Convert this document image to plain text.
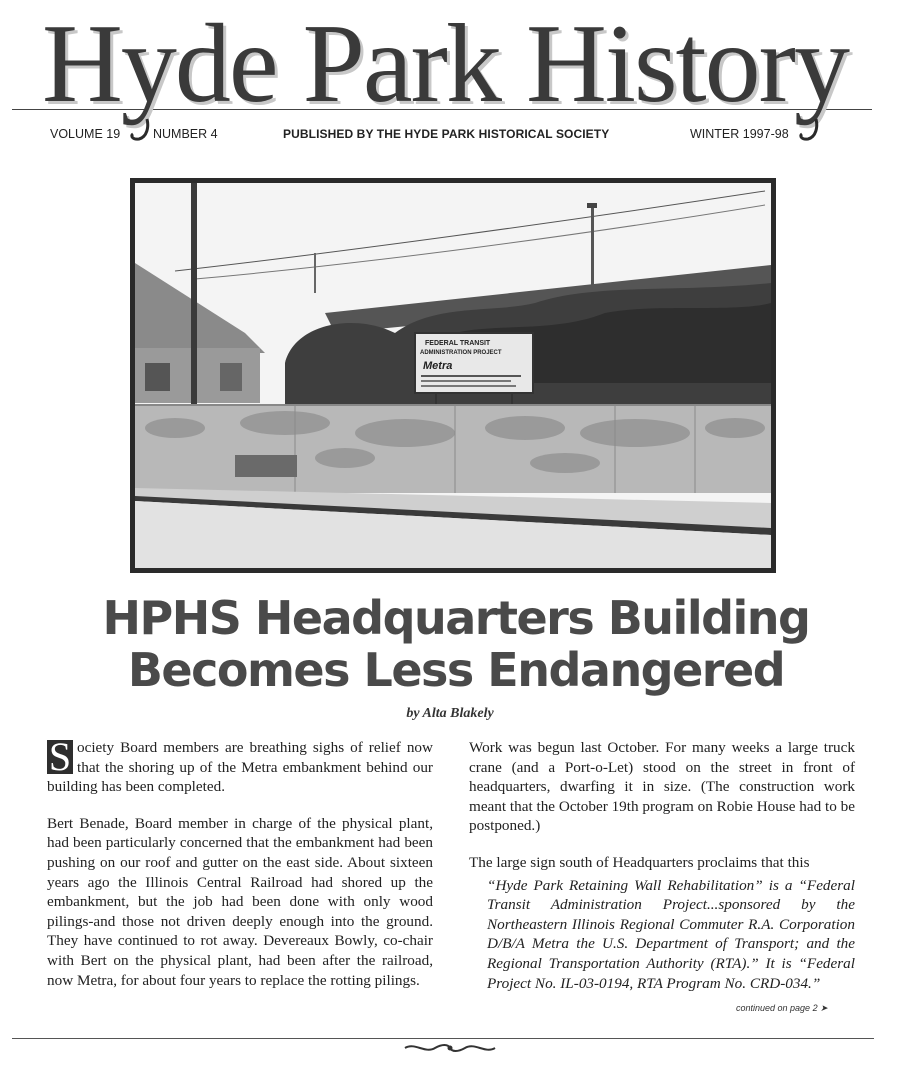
Hyde Park History
VOLUME 19	NUMBER 4	PUBLISHED BY THE HYDE PARK HISTORICAL SOCIETY	WINTER 1997-98
FEDERAL TRANSIT
ADMINISTRATION PROJECT
Metra
HPHS Headquarters Building
Becomes Less Endangered
by Alta Blakely

S ociety Board members are breathing sighs of relief now that the shoring up of the Metra embankment behind our building has been completed.

Bert Benade, Board member in charge of the physical plant, had been particularly concerned that the embankment had been pushing on our roof and gutter on the east side. About sixteen years ago the Illinois Central Railroad had shored up the embankment, but the job had been done with only wood pilings-and those not driven deeply enough into the ground. They have continued to rot away. Devereaux Bowly, co-chair with Bert on the physical plant, had been after the railroad, now Metra, for about four years to replace the rotting pilings.

Work was begun last October. For many weeks a large truck crane (and a Port-o-Let) stood on the street in front of headquarters, dwarfing it in size. (The construction work meant that the October 19th program on Robie House had to be postponed.)

The large sign south of Headquarters proclaims that this

“Hyde Park Retaining Wall Rehabilitation” is a “Federal Transit Administration Project...sponsored by the Northeastern Illinois Regional Commuter R.A. Corporation D/B/A Metra the U.S. Department of Transport; and the Regional Transportation Authority (RTA).” It is “Federal Project No. IL-03-0194, RTA Program No. CRD-034.”
continued on page 2 ➤
